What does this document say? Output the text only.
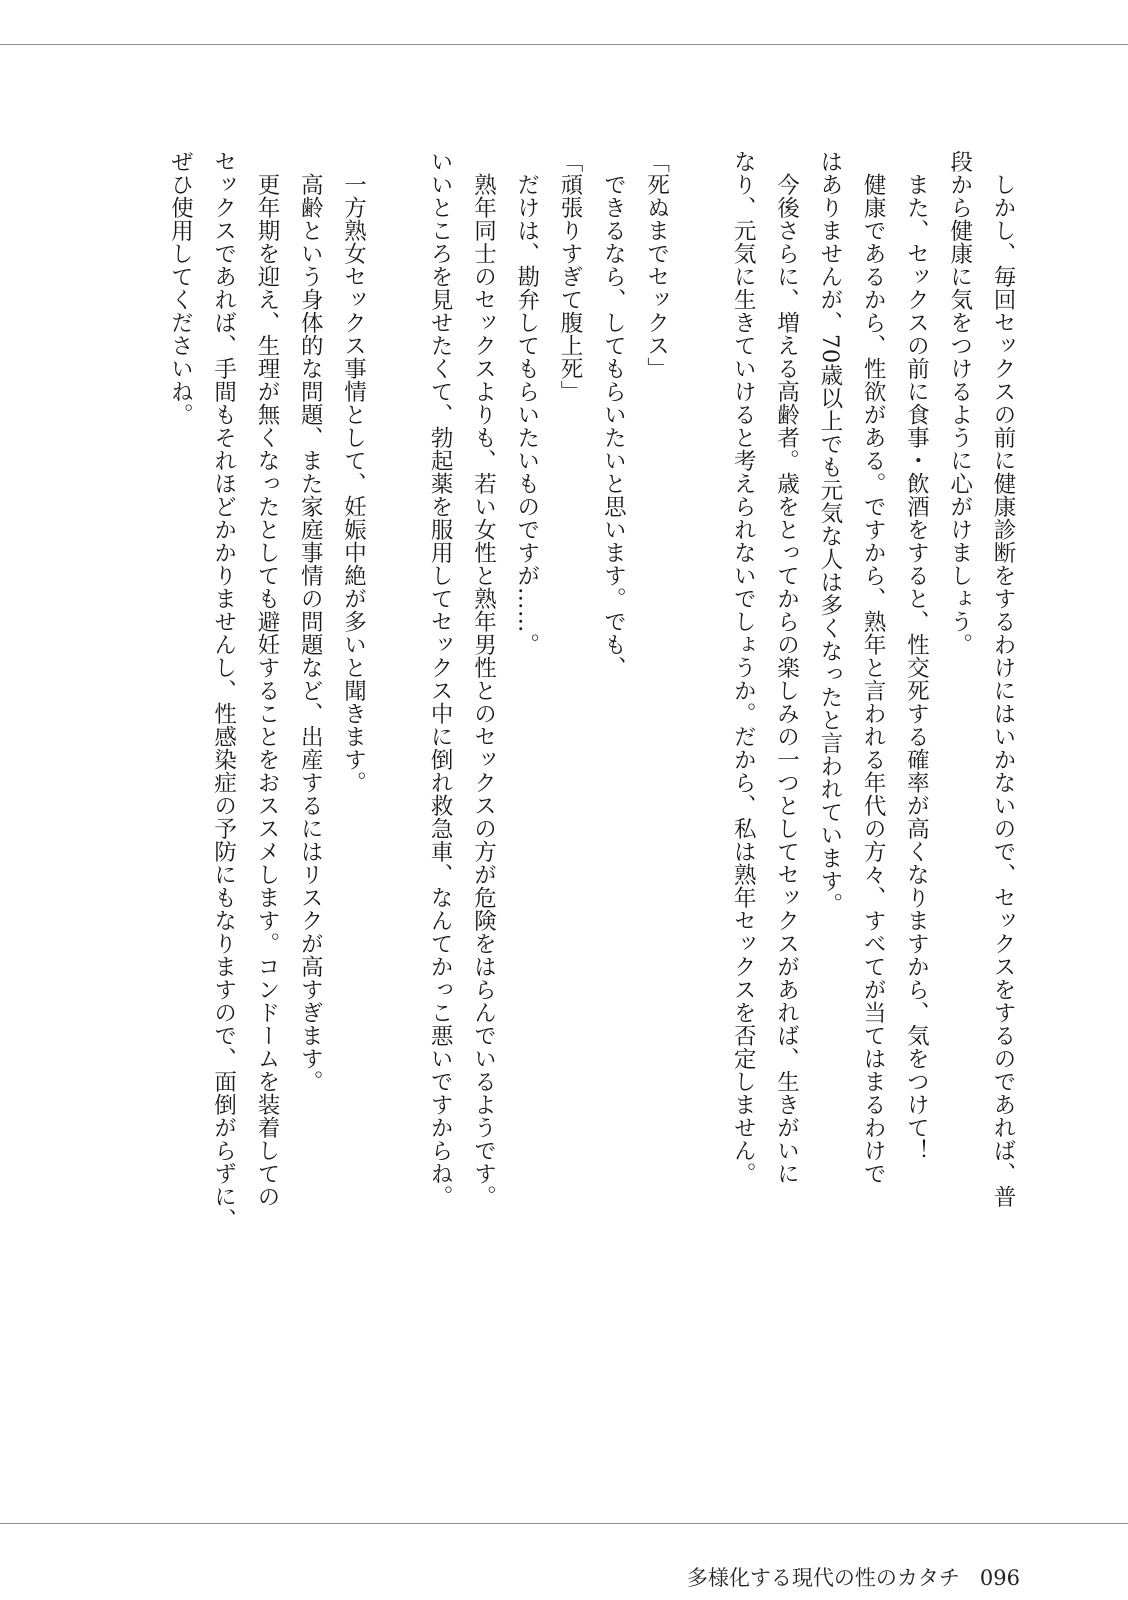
　しかし、毎回セックスの前に健康診断をするわけにはいかないので、セックスをするのであれば、普
段から健康に気をつけるように心がけましょう。
　また、セックスの前に食事・飲酒をすると、性交死する確率が高くなりますから、気をつけて！
　健康であるから、性欲がある。ですから、熟年と言われる年代の方々、すべてが当てはまるわけで
はありませんが、70歳以上でも元気な人は多くなったと言われています。
　今後さらに、増える高齢者。歳をとってからの楽しみの一つとしてセックスがあれば、生きがいに
なり、元気に生きていけると考えられないでしょうか。だから、私は熟年セックスを否定しません。

「死ぬまでセックス」
　できるなら、してもらいたいと思います。でも、
「頑張りすぎて腹上死」
　だけは、勘弁してもらいたいものですが……。
　熟年同士のセックスよりも、若い女性と熟年男性とのセックスの方が危険をはらんでいるようです。
いいところを見せたくて、勃起薬を服用してセックス中に倒れ救急車、なんてかっこ悪いですからね。

　一方熟女セックス事情として、妊娠中絶が多いと聞きます。
　高齢という身体的な問題、また家庭事情の問題など、出産するにはリスクが高すぎます。
　更年期を迎え、生理が無くなったとしても避妊することをおススメします。コンドームを装着しての
セックスであれば、手間もそれほどかかりませんし、性感染症の予防にもなりますので、面倒がらずに、
ぜひ使用してくださいね。
多様化する現代の性のカタチ 096
